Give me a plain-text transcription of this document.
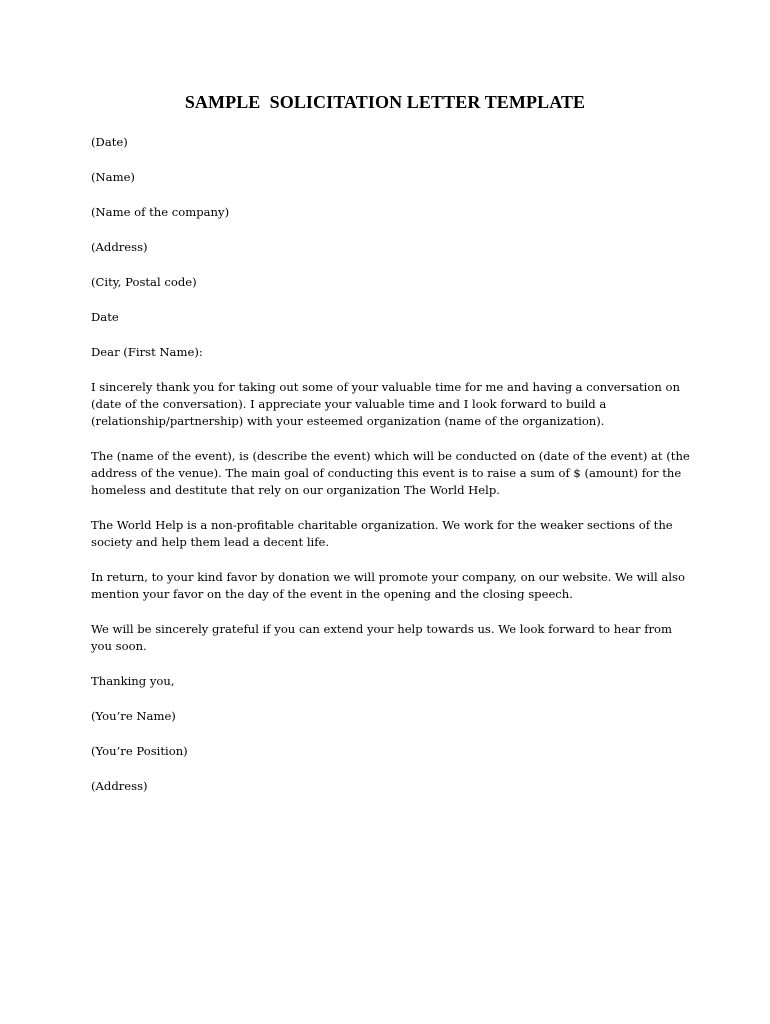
SAMPLE  SOLICITATION LETTER TEMPLATE
(Date)
(Name)
(Name of the company)
(Address)
(City, Postal code)
Date
Dear (First Name):
I sincerely thank you for taking out some of your valuable time for me and having a conversation on
(date of the conversation). I appreciate your valuable time and I look forward to build a
(relationship/partnership) with your esteemed organization (name of the organization).
The (name of the event), is (describe the event) which will be conducted on (date of the event) at (the
address of the venue). The main goal of conducting this event is to raise a sum of $ (amount) for the
homeless and destitute that rely on our organization The World Help.
The World Help is a non-profitable charitable organization. We work for the weaker sections of the
society and help them lead a decent life.
In return, to your kind favor by donation we will promote your company, on our website. We will also
mention your favor on the day of the event in the opening and the closing speech.
We will be sincerely grateful if you can extend your help towards us. We look forward to hear from
you soon.
Thanking you,
(You’re Name)
(You’re Position)
(Address)
